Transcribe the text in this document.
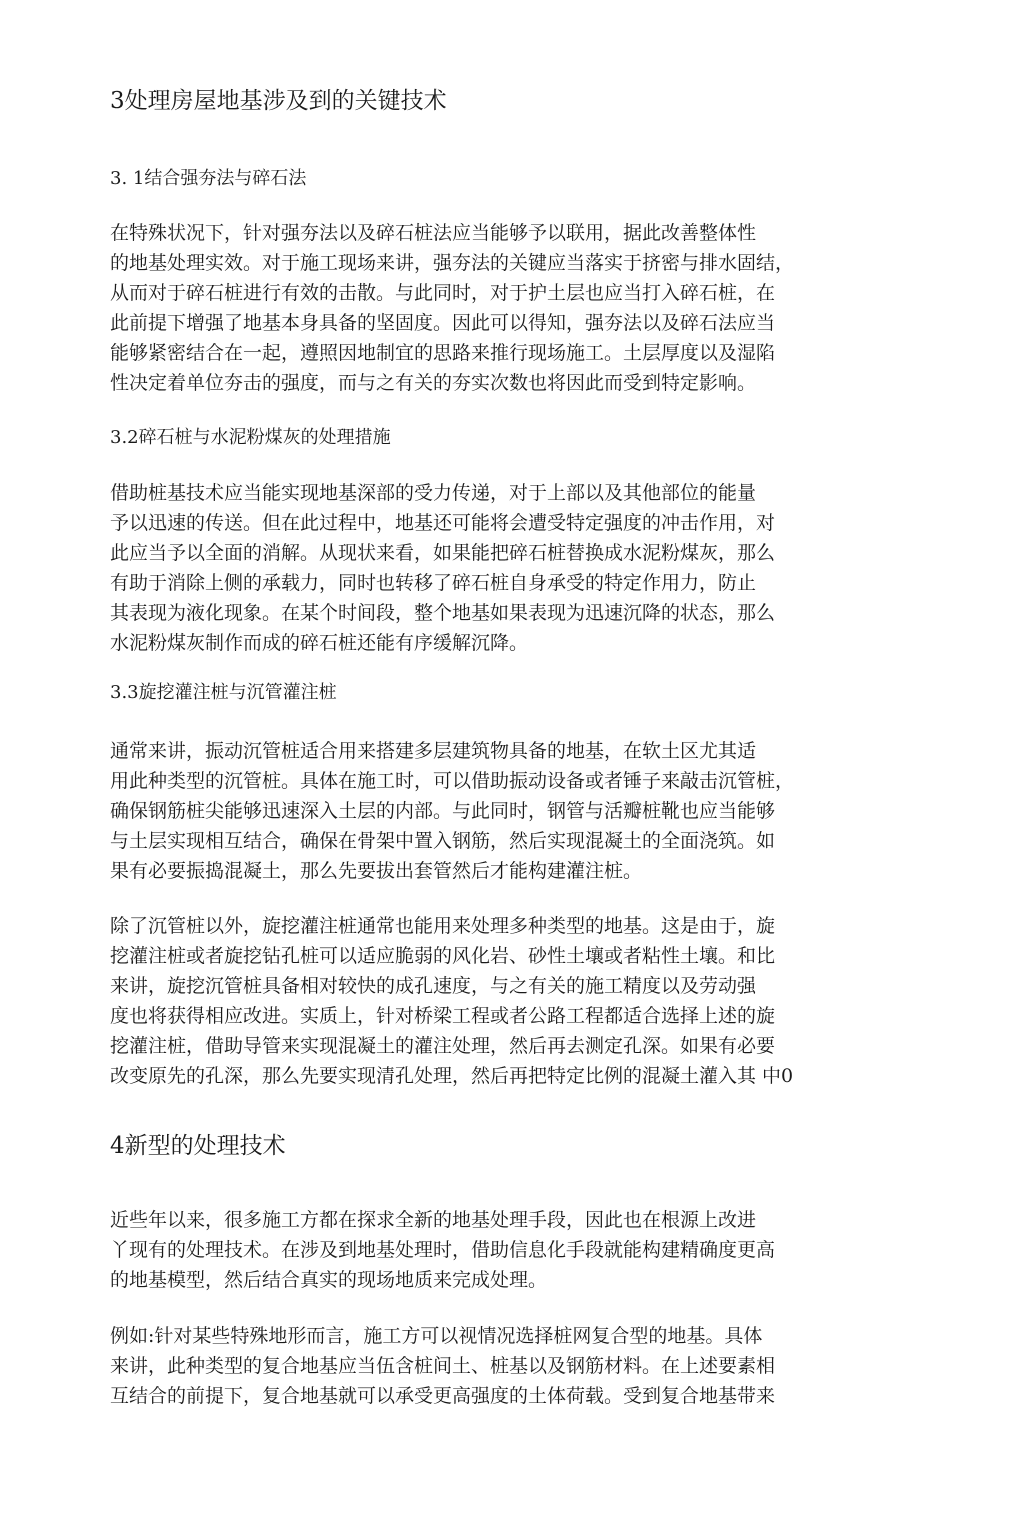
3处理房屋地基涉及到的关键技术
3. 1结合强夯法与碎石法
在特殊状况下，针对强夯法以及碎石桩法应当能够予以联用，据此改善整体性
的地基处理实效。对于施工现场来讲，强夯法的关键应当落实于挤密与排水固结，
从而对于碎石桩进行有效的击散。与此同时，对于护土层也应当打入碎石桩，在
此前提下增强了地基本身具备的坚固度。因此可以得知，强夯法以及碎石法应当
能够紧密结合在一起，遵照因地制宜的思路来推行现场施工。土层厚度以及湿陷
性决定着单位夯击的强度，而与之有关的夯实次数也将因此而受到特定影响。
3.2碎石桩与水泥粉煤灰的处理措施
借助桩基技术应当能实现地基深部的受力传递，对于上部以及其他部位的能量
予以迅速的传送。但在此过程中，地基还可能将会遭受特定强度的冲击作用，对
此应当予以全面的消解。从现状来看，如果能把碎石桩替换成水泥粉煤灰，那么
有助于消除上侧的承载力，同时也转移了碎石桩自身承受的特定作用力，防止
其表现为液化现象。在某个时间段，整个地基如果表现为迅速沉降的状态，那么
水泥粉煤灰制作而成的碎石桩还能有序缓解沉降。
3.3旋挖灌注桩与沉管灌注桩
通常来讲，振动沉管桩适合用来搭建多层建筑物具备的地基，在软土区尤其适
用此种类型的沉管桩。具体在施工时，可以借助振动设备或者锤子来敲击沉管桩，
确保钢筋桩尖能够迅速深入土层的内部。与此同时，钢管与活瓣桩靴也应当能够
与土层实现相互结合，确保在骨架中置入钢筋，然后实现混凝土的全面浇筑。如
果有必要振捣混凝土，那么先要拔出套管然后才能构建灌注桩。
除了沉管桩以外，旋挖灌注桩通常也能用来处理多种类型的地基。这是由于，旋
挖灌注桩或者旋挖钻孔桩可以适应脆弱的风化岩、砂性土壤或者粘性土壤。和比
来讲，旋挖沉管桩具备相对较快的成孔速度，与之有关的施工精度以及劳动强
度也将获得相应改进。实质上，针对桥梁工程或者公路工程都适合选择上述的旋
挖灌注桩，借助导管来实现混凝土的灌注处理，然后再去测定孔深。如果有必要
改变原先的孔深，那么先要实现清孔处理，然后再把特定比例的混凝土灌入其 中0
4新型的处理技术
近些年以来，很多施工方都在探求全新的地基处理手段，因此也在根源上改进
丫现有的处理技术。在涉及到地基处理时，借助信息化手段就能构建精确度更高
的地基模型，然后结合真实的现场地质来完成处理。
例如:针对某些特殊地形而言，施工方可以视情况选择桩网复合型的地基。具体
来讲，此种类型的复合地基应当伍含桩间土、桩基以及钢筋材料。在上述要素相
互结合的前提下，复合地基就可以承受更高强度的土体荷载。受到复合地基带来
